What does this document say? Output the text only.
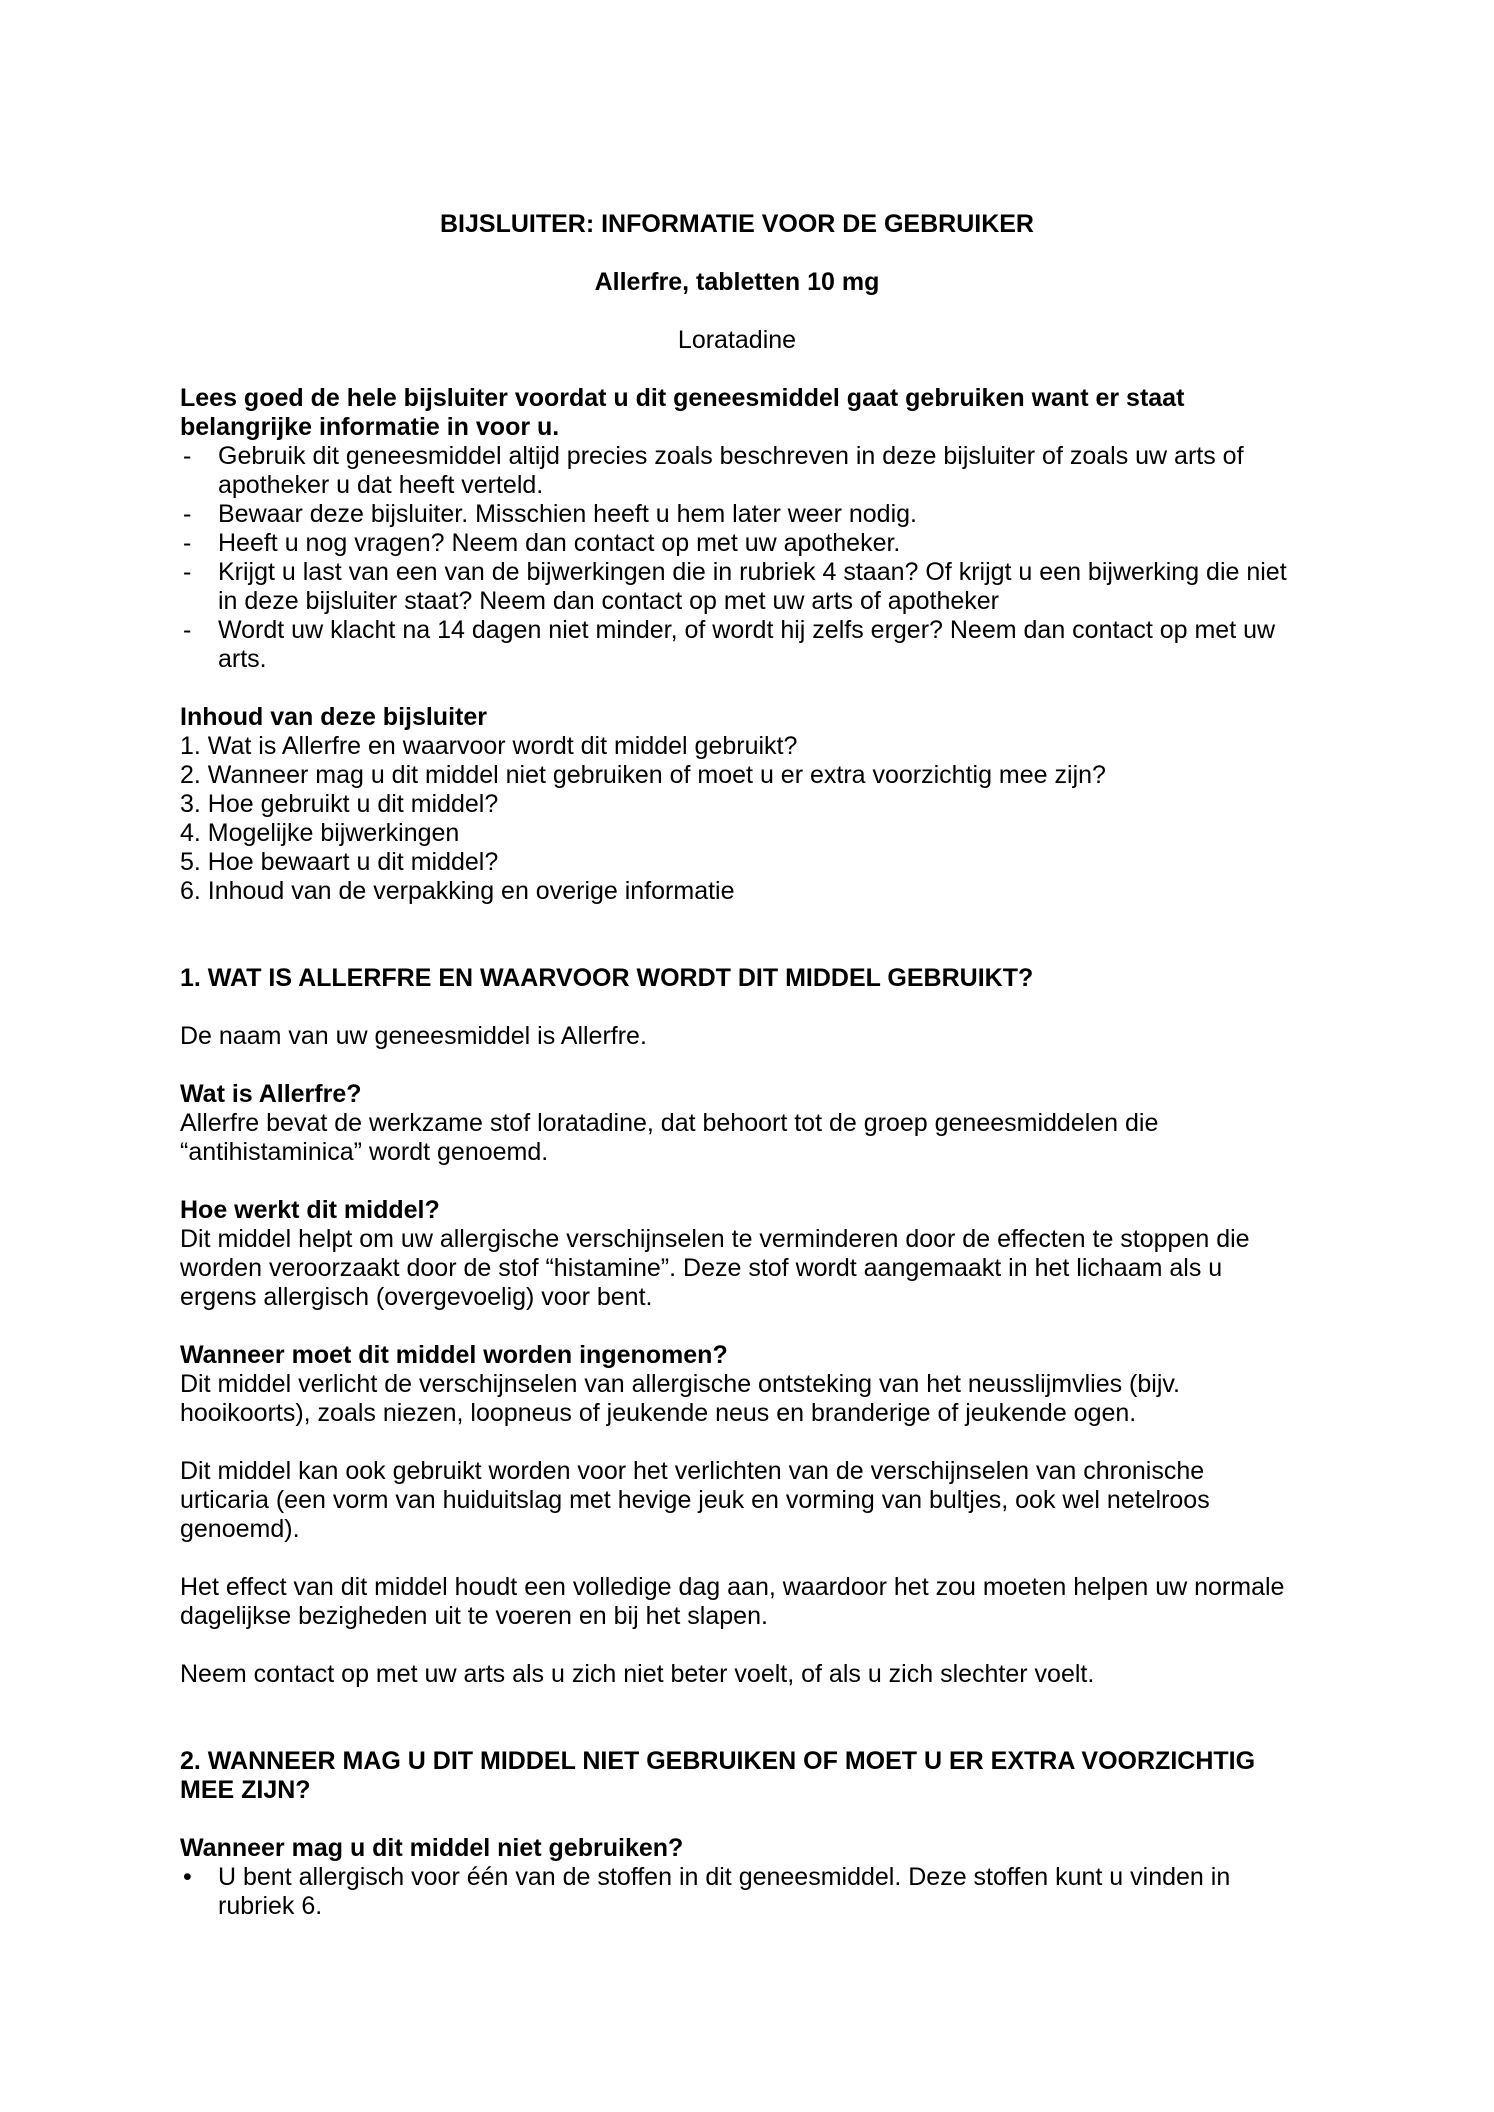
BIJSLUITER: INFORMATIE VOOR DE GEBRUIKER

Allerfre, tabletten 10 mg

Loratadine

Lees goed de hele bijsluiter voordat u dit geneesmiddel gaat gebruiken want er staat belangrijke informatie in voor u.

- Gebruik dit geneesmiddel altijd precies zoals beschreven in deze bijsluiter of zoals uw arts of apotheker u dat heeft verteld.
- Bewaar deze bijsluiter. Misschien heeft u hem later weer nodig.
- Heeft u nog vragen? Neem dan contact op met uw apotheker.
- Krijgt u last van een van de bijwerkingen die in rubriek 4 staan? Of krijgt u een bijwerking die niet in deze bijsluiter staat? Neem dan contact op met uw arts of apotheker
- Wordt uw klacht na 14 dagen niet minder, of wordt hij zelfs erger? Neem dan contact op met uw arts.

Inhoud van deze bijsluiter

1. Wat is Allerfre en waarvoor wordt dit middel gebruikt?

2. Wanneer mag u dit middel niet gebruiken of moet u er extra voorzichtig mee zijn?

3. Hoe gebruikt u dit middel?

4. Mogelijke bijwerkingen

5. Hoe bewaart u dit middel?

6. Inhoud van de verpakking en overige informatie

1. WAT IS ALLERFRE EN WAARVOOR WORDT DIT MIDDEL GEBRUIKT?

De naam van uw geneesmiddel is Allerfre.

Wat is Allerfre?

Allerfre bevat de werkzame stof loratadine, dat behoort tot de groep geneesmiddelen die “antihistaminica” wordt genoemd.

Hoe werkt dit middel?

Dit middel helpt om uw allergische verschijnselen te verminderen door de effecten te stoppen die worden veroorzaakt door de stof “histamine”. Deze stof wordt aangemaakt in het lichaam als u ergens allergisch (overgevoelig) voor bent.

Wanneer moet dit middel worden ingenomen?

Dit middel verlicht de verschijnselen van allergische ontsteking van het neusslijmvlies (bijv. hooikoorts), zoals niezen, loopneus of jeukende neus en branderige of jeukende ogen.

Dit middel kan ook gebruikt worden voor het verlichten van de verschijnselen van chronische urticaria (een vorm van huiduitslag met hevige jeuk en vorming van bultjes, ook wel netelroos genoemd).

Het effect van dit middel houdt een volledige dag aan, waardoor het zou moeten helpen uw normale dagelijkse bezigheden uit te voeren en bij het slapen.

Neem contact op met uw arts als u zich niet beter voelt, of als u zich slechter voelt.

2. WANNEER MAG U DIT MIDDEL NIET GEBRUIKEN OF MOET U ER EXTRA VOORZICHTIG MEE ZIJN?
Wanneer mag u dit middel niet gebruiken?
• U bent allergisch voor één van de stoffen in dit geneesmiddel. Deze stoffen kunt u vinden in rubriek 6.
